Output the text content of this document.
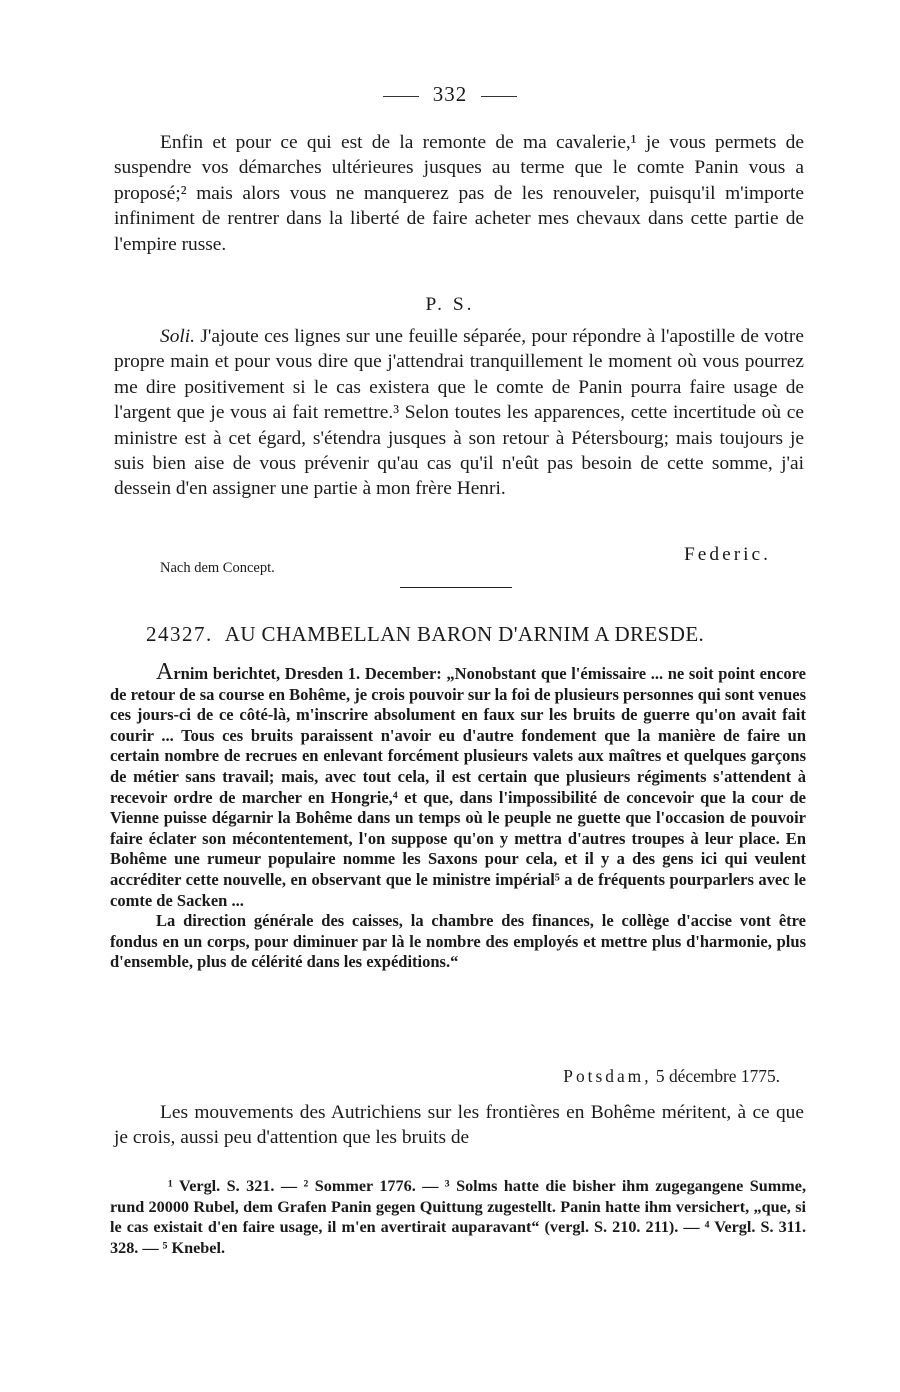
332

Enfin et pour ce qui est de la remonte de ma cavalerie,¹ je vous permets de suspendre vos démarches ultérieures jusques au terme que le comte Panin vous a proposé;² mais alors vous ne manquerez pas de les renouveler, puisqu'il m'importe infiniment de rentrer dans la liberté de faire acheter mes chevaux dans cette partie de l'empire russe.

P. S.

Soli. J'ajoute ces lignes sur une feuille séparée, pour répondre à l'apostille de votre propre main et pour vous dire que j'attendrai tranquillement le moment où vous pourrez me dire positivement si le cas existera que le comte de Panin pourra faire usage de l'argent que je vous ai fait remettre.³ Selon toutes les apparences, cette incertitude où ce ministre est à cet égard, s'étendra jusques à son retour à Pétersbourg; mais toujours je suis bien aise de vous prévenir qu'au cas qu'il n'eût pas besoin de cette somme, j'ai dessein d'en assigner une partie à mon frère Henri.

Federic.
Nach dem Concept.
24327. AU CHAMBELLAN BARON D'ARNIM A DRESDE.

Arnim berichtet, Dresden 1. December: „Nonobstant que l'émissaire ... ne soit point encore de retour de sa course en Bohême, je crois pouvoir sur la foi de plusieurs personnes qui sont venues ces jours-ci de ce côté-là, m'inscrire absolument en faux sur les bruits de guerre qu'on avait fait courir ... Tous ces bruits paraissent n'avoir eu d'autre fondement que la manière de faire un certain nombre de recrues en enlevant forcément plusieurs valets aux maîtres et quelques garçons de métier sans travail; mais, avec tout cela, il est certain que plusieurs régiments s'attendent à recevoir ordre de marcher en Hongrie,⁴ et que, dans l'impossibilité de concevoir que la cour de Vienne puisse dégarnir la Bohême dans un temps où le peuple ne guette que l'occasion de pouvoir faire éclater son mécontentement, l'on suppose qu'on y mettra d'autres troupes à leur place. En Bohême une rumeur populaire nomme les Saxons pour cela, et il y a des gens ici qui veulent accréditer cette nouvelle, en observant que le ministre impérial⁵ a de fréquents pourparlers avec le comte de Sacken ...

La direction générale des caisses, la chambre des finances, le collège d'accise vont être fondus en un corps, pour diminuer par là le nombre des employés et mettre plus d'harmonie, plus d'ensemble, plus de célérité dans les expéditions.“

Potsdam, 5 décembre 1775.

Les mouvements des Autrichiens sur les frontières en Bohême méritent, à ce que je crois, aussi peu d'attention que les bruits de

¹ Vergl. S. 321. — ² Sommer 1776. — ³ Solms hatte die bisher ihm zugegangene Summe, rund 20000 Rubel, dem Grafen Panin gegen Quittung zugestellt. Panin hatte ihm versichert, „que, si le cas existait d'en faire usage, il m'en avertirait auparavant“ (vergl. S. 210. 211). — ⁴ Vergl. S. 311. 328. — ⁵ Knebel.
